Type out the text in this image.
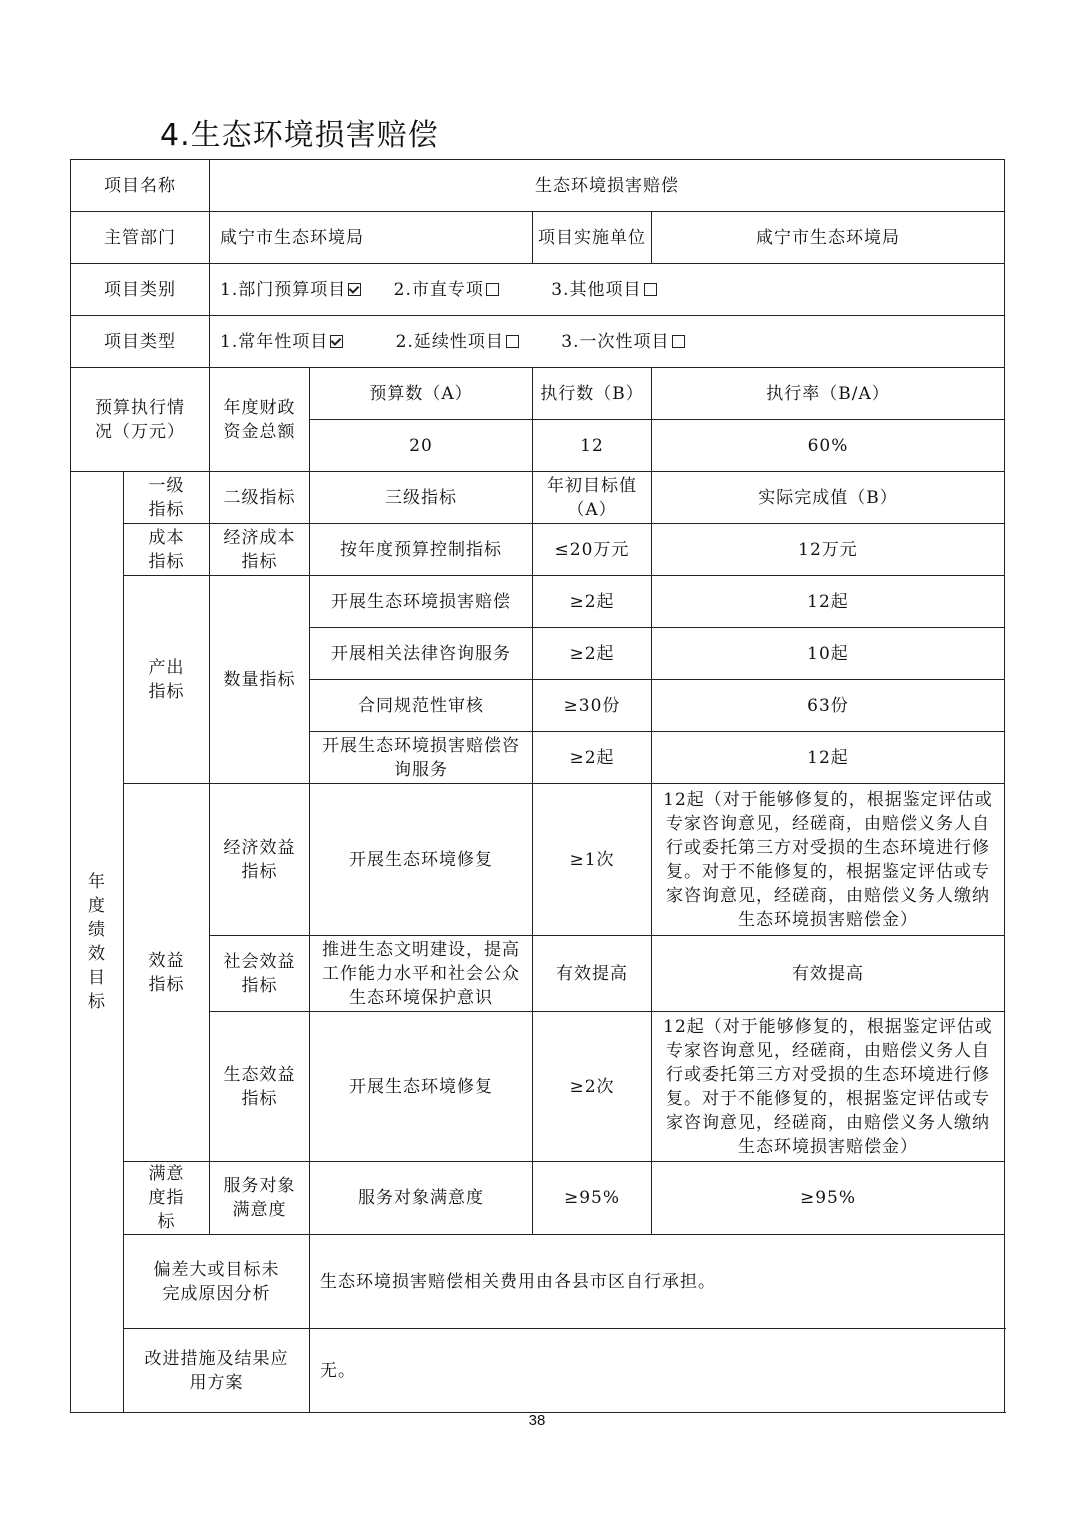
4.生态环境损害赔偿
项目名称		生态环境损害赔偿			
主管部门		咸宁市生态环境局		项目实施单位	咸宁市生态环境局
项目类别		1.部门预算项目 2.市直专项 3.其他项目			
项目类型		1.常年性项目 2.延续性项目 3.一次性项目			
预算执行情况（万元）		年度财政资金总额	预算数（A）	执行数（B）	执行率（B/A）
			20	12	60%
年度绩效目标	一级指标	二级指标	三级指标	年初目标值（A）	实际完成值（B）
	成本指标	经济成本指标	按年度预算控制指标	≤20万元	12万元
	产出指标	数量指标	开展生态环境损害赔偿	≥2起	12起
			开展相关法律咨询服务	≥2起	10起
			合同规范性审核	≥30份	63份
			开展生态环境损害赔偿咨询服务	≥2起	12起
	效益指标	经济效益指标	开展生态环境修复	≥1次	12起（对于能够修复的，根据鉴定评估或专家咨询意见，经磋商，由赔偿义务人自行或委托第三方对受损的生态环境进行修复。对于不能修复的，根据鉴定评估或专家咨询意见，经磋商，由赔偿义务人缴纳生态环境损害赔偿金）
		社会效益指标	推进生态文明建设，提高工作能力水平和社会公众生态环境保护意识	有效提高	有效提高
		生态效益指标	开展生态环境修复	≥2次	12起（对于能够修复的，根据鉴定评估或专家咨询意见，经磋商，由赔偿义务人自行或委托第三方对受损的生态环境进行修复。对于不能修复的，根据鉴定评估或专家咨询意见，经磋商，由赔偿义务人缴纳生态环境损害赔偿金）
	满意度指标	服务对象满意度	服务对象满意度	≥95%	≥95%
	偏差大或目标未完成原因分析		生态环境损害赔偿相关费用由各县市区自行承担。		
	改进措施及结果应用方案		无。		
38
